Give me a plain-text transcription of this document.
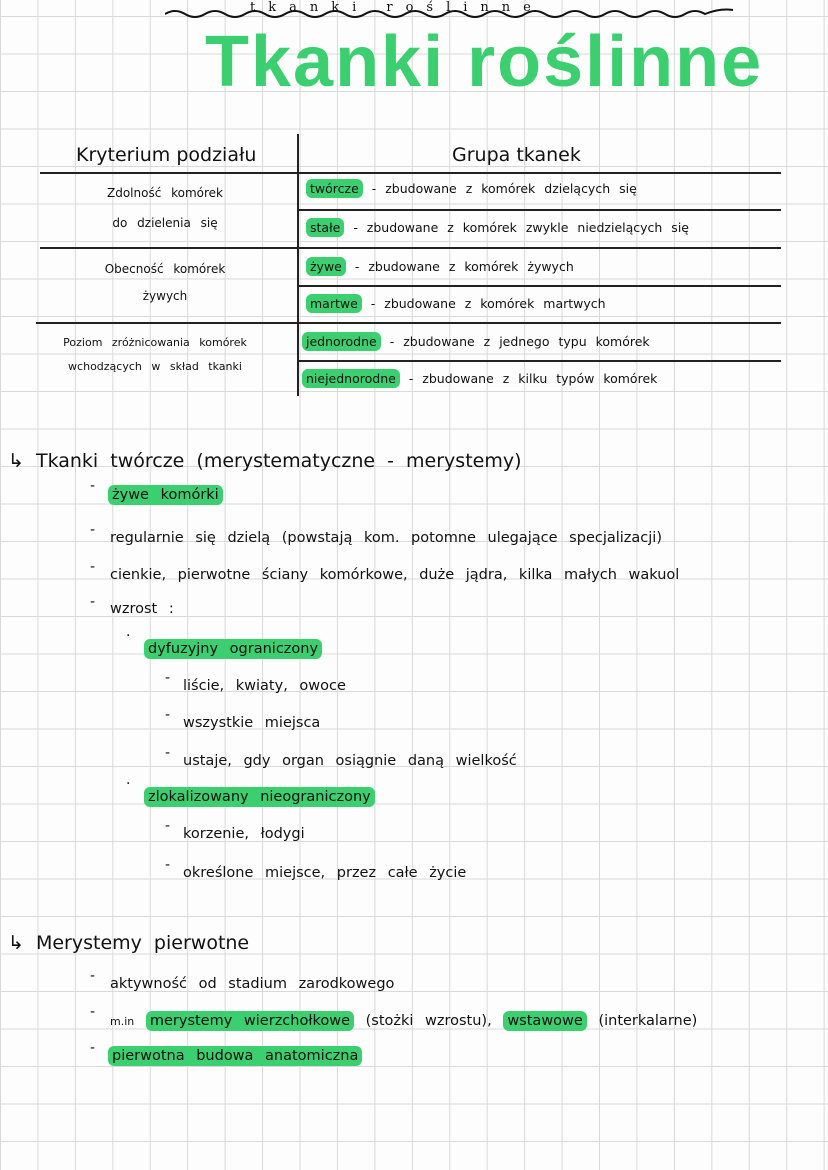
tkanki roślinne
Tkanki roślinne
Kryterium podziału	Grupa tkanek
Zdolność komórek
do dzielenia się
Obecność komórek
żywych
Poziom zróżnicowania komórek
wchodzących w skład tkanki
twórcze - zbudowane z komórek dzielących się
stałe - zbudowane z komórek zwykle niedzielących się
żywe - zbudowane z komórek żywych
martwe - zbudowane z komórek martwych
jednorodne - zbudowane z jednego typu komórek
niejednorodne - zbudowane z kilku typów komórek
↳ Tkanki twórcze (merystematyczne - merystemy)
-
żywe komórki
- regularnie się dzielą (powstają kom. potomne ulegające specjalizacji)
- cienkie, pierwotne ściany komórkowe, duże jądra, kilka małych wakuol
- wzrost :
·
dyfuzyjny ograniczony
- liście, kwiaty, owoce
- wszystkie miejsca
- ustaje, gdy organ osiągnie daną wielkość
·
zlokalizowany nieograniczony
- korzenie, łodygi
- określone miejsce, przez całe życie
↳ Merystemy pierwotne
- aktywność od stadium zarodkowego
-
m.in merystemy wierzchołkowe (stożki wzrostu), wstawowe (interkalarne)
- pierwotna budowa anatomiczna
